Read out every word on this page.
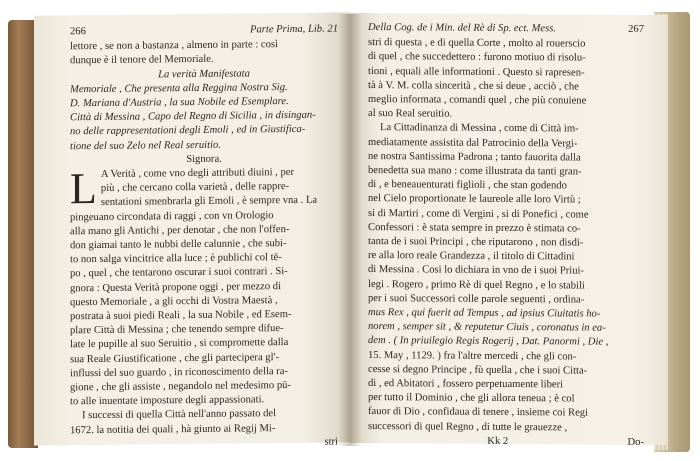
266	Parte Prima, Lib. 21
lettore , se non a bastanza , almeno in parte : così
dunque è il tenore del Memoriale.
La verità Manifestata
Memoriale , Che presenta alla Reggina Nostra Sig.
D. Mariana d'Austria , la sua Nobile ed Esemplare.
Città di Messina , Capo del Regno di Sicilia , in disingan-
no delle rappresentationi degli Emoli , ed in Giustifica-
tione del suo Zelo nel Real seruitio.
Signora.
L A Verità , come vno degli attributi diuini , per
più , che cercano colla varietà , delle rappre-
sentationi smenbrarla gli Emoli , è sempre vna . La
pingeuano circondata di raggi , con vn Orologio
alla mano gli Antichi , per denotar , che non l'offen-
don giamai tanto le nubbi delle calunnie , che subi-
to non salga vincitrice alla luce ; è publichi col tē-
po , quel , che tentarono oscurar i suoi contrari . Si-
gnora : Questa Verità propone oggi , per mezzo di
questo Memoriale , a gli occhi di Vostra Maestà ,
postrata à suoi piedi Reali , la sua Nobile , ed Esem-
plare Città di Messina ; che tenendo sempre difue-
late le pupille al suo Seruitio , si compromette dalla
sua Reale Giustificatione , che gli partecipera gl'-
influssi del suo guardo , in riconoscimento della ra-
gione , che gli assiste , negandolo nel medesimo pū-
to alle inuentate imposture degli appassionati.
I successi di quella Città nell'anno passato del
1672. la notitia dei quali , hà giunto ai Regij Mi-
stri
Della Cog. de i Min. del Rè di Sp. ect. Mess.	267
stri di questa , e di quella Corte , molto al rouerscio
di quel , che succedettero : furono motiuo di risolu-
tioni , equali alle informationi . Questo si rapresen-
tà à V. M. colla sincerità , che si deue , acciò , che
meglio informata , comandi quel , che più conuiene
al suo Real seruitio.
La Cittadinanza di Messina , come di Città im-
mediatamente assistita dal Patrocinio della Vergi-
ne nostra Santissima Padrona ; tanto fauorita dalla
benedetta sua mano : come illustrata da tanti gran-
di , e beneauenturati figlioli , che stan godendo
nel Cielo proportionate le laureole alle loro Virtù ;
si di Martiri , come di Vergini , si di Ponefici , come
Confessori : è stata sempre in prezzo è stimata co-
tanta de i suoi Principi , che riputarono , non disdi-
re alla loro reale Grandezza , il titolo di Cittadini
di Messina . Cosi lo dichiara in vno de i suoi Priui-
legi . Rogero , primo Rè di quel Regno , e lo stabili
per i suoi Successori colle parole seguenti , ordina-
mus Rex , qui fuerit ad Tempus , ad ipsius Ciuitatis ho-
norem , semper sit , & reputetur Ciuis , coronatus in ea-
dem . ( In priuilegio Regis Rogerij , Dat. Panormi , Die ,
15. May , 1129. ) fra l'altre mercedi , che gli con-
cesse si degno Principe , fù quella , che i suoi Citta-
di , ed Abitatori , fossero perpetuamente liberi
per tutto il Dominio , che gli allora teneua ; è col
fauor di Dio , confidaua di tenere , insieme coi Regi
successori di quel Regno , di tutte le grauezze ,
Kk 2	Do-
